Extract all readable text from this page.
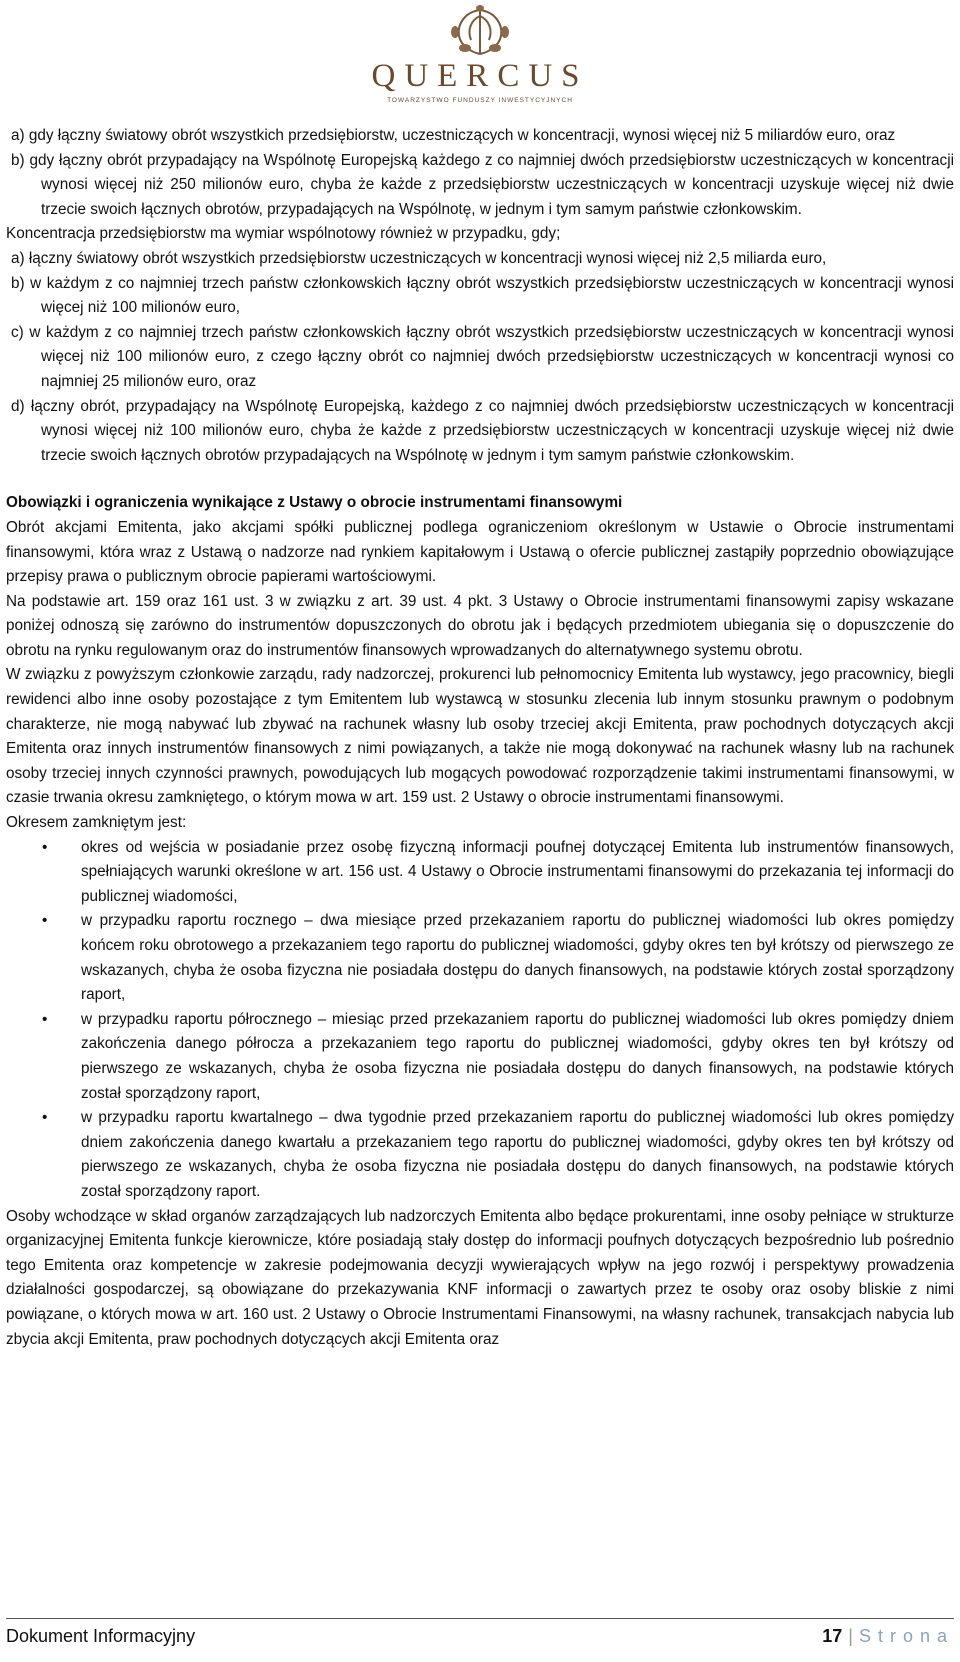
QUERCUS
TOWARZYSTWO FUNDUSZY INWESTYCYJNYCH

a) gdy łączny światowy obrót wszystkich przedsiębiorstw, uczestniczących w koncentracji, wynosi więcej niż 5 miliardów euro, oraz

b) gdy łączny obrót przypadający na Wspólnotę Europejską każdego z co najmniej dwóch przedsiębiorstw uczestniczących w koncentracji wynosi więcej niż 250 milionów euro, chyba że każde z przedsiębiorstw uczestniczących w koncentracji uzyskuje więcej niż dwie trzecie swoich łącznych obrotów, przypadających na Wspólnotę, w jednym i tym samym państwie członkowskim.

Koncentracja przedsiębiorstw ma wymiar wspólnotowy również w przypadku, gdy;

a) łączny światowy obrót wszystkich przedsiębiorstw uczestniczących w koncentracji wynosi więcej niż 2,5 miliarda euro,

b) w każdym z co najmniej trzech państw członkowskich łączny obrót wszystkich przedsiębiorstw uczestniczących w koncentracji wynosi więcej niż 100 milionów euro,

c) w każdym z co najmniej trzech państw członkowskich łączny obrót wszystkich przedsiębiorstw uczestniczących w koncentracji wynosi więcej niż 100 milionów euro, z czego łączny obrót co najmniej dwóch przedsiębiorstw uczestniczących w koncentracji wynosi co najmniej 25 milionów euro, oraz

d) łączny obrót, przypadający na Wspólnotę Europejską, każdego z co najmniej dwóch przedsiębiorstw uczestniczących w koncentracji wynosi więcej niż 100 milionów euro, chyba że każde z przedsiębiorstw uczestniczących w koncentracji uzyskuje więcej niż dwie trzecie swoich łącznych obrotów przypadających na Wspólnotę w jednym i tym samym państwie członkowskim.

Obowiązki i ograniczenia wynikające z Ustawy o obrocie instrumentami finansowymi

Obrót akcjami Emitenta, jako akcjami spółki publicznej podlega ograniczeniom określonym w Ustawie o Obrocie instrumentami finansowymi, która wraz z Ustawą o nadzorze nad rynkiem kapitałowym i Ustawą o ofercie publicznej zastąpiły poprzednio obowiązujące przepisy prawa o publicznym obrocie papierami wartościowymi.

Na podstawie art. 159 oraz 161 ust. 3 w związku z art. 39 ust. 4 pkt. 3 Ustawy o Obrocie instrumentami finansowymi zapisy wskazane poniżej odnoszą się zarówno do instrumentów dopuszczonych do obrotu jak i będących przedmiotem ubiegania się o dopuszczenie do obrotu na rynku regulowanym oraz do instrumentów finansowych wprowadzanych do alternatywnego systemu obrotu.

W związku z powyższym członkowie zarządu, rady nadzorczej, prokurenci lub pełnomocnicy Emitenta lub wystawcy, jego pracownicy, biegli rewidenci albo inne osoby pozostające z tym Emitentem lub wystawcą w stosunku zlecenia lub innym stosunku prawnym o podobnym charakterze, nie mogą nabywać lub zbywać na rachunek własny lub osoby trzeciej akcji Emitenta, praw pochodnych dotyczących akcji Emitenta oraz innych instrumentów finansowych z nimi powiązanych, a także nie mogą dokonywać na rachunek własny lub na rachunek osoby trzeciej innych czynności prawnych, powodujących lub mogących powodować rozporządzenie takimi instrumentami finansowymi, w czasie trwania okresu zamkniętego, o którym mowa w art. 159 ust. 2 Ustawy o obrocie instrumentami finansowymi.

Okresem zamkniętym jest:

• okres od wejścia w posiadanie przez osobę fizyczną informacji poufnej dotyczącej Emitenta lub instrumentów finansowych, spełniających warunki określone w art. 156 ust. 4 Ustawy o Obrocie instrumentami finansowymi do przekazania tej informacji do publicznej wiadomości,
• w przypadku raportu rocznego – dwa miesiące przed przekazaniem raportu do publicznej wiadomości lub okres pomiędzy końcem roku obrotowego a przekazaniem tego raportu do publicznej wiadomości, gdyby okres ten był krótszy od pierwszego ze wskazanych, chyba że osoba fizyczna nie posiadała dostępu do danych finansowych, na podstawie których został sporządzony raport,
• w przypadku raportu półrocznego – miesiąc przed przekazaniem raportu do publicznej wiadomości lub okres pomiędzy dniem zakończenia danego półrocza a przekazaniem tego raportu do publicznej wiadomości, gdyby okres ten był krótszy od pierwszego ze wskazanych, chyba że osoba fizyczna nie posiadała dostępu do danych finansowych, na podstawie których został sporządzony raport,
• w przypadku raportu kwartalnego – dwa tygodnie przed przekazaniem raportu do publicznej wiadomości lub okres pomiędzy dniem zakończenia danego kwartału a przekazaniem tego raportu do publicznej wiadomości, gdyby okres ten był krótszy od pierwszego ze wskazanych, chyba że osoba fizyczna nie posiadała dostępu do danych finansowych, na podstawie których został sporządzony raport.

Osoby wchodzące w skład organów zarządzających lub nadzorczych Emitenta albo będące prokurentami, inne osoby pełniące w strukturze organizacyjnej Emitenta funkcje kierownicze, które posiadają stały dostęp do informacji poufnych dotyczących bezpośrednio lub pośrednio tego Emitenta oraz kompetencje w zakresie podejmowania decyzji wywierających wpływ na jego rozwój i perspektywy prowadzenia działalności gospodarczej, są obowiązane do przekazywania KNF informacji o zawartych przez te osoby oraz osoby bliskie z nimi powiązane, o których mowa w art. 160 ust. 2 Ustawy o Obrocie Instrumentami Finansowymi, na własny rachunek, transakcjach nabycia lub zbycia akcji Emitenta, praw pochodnych dotyczących akcji Emitenta oraz

Dokument Informacyjny	17 | Strona
